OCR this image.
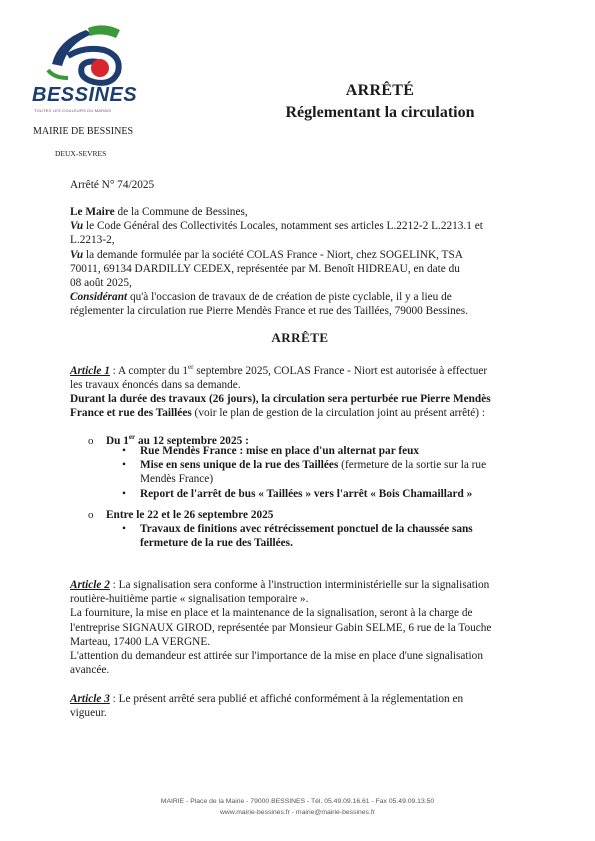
BESSINES
TOUTES LES COULEURS DU MARAIS
MAIRIE DE BESSINES
DEUX-SEVRES
ARRÊTÉ
Réglementant la circulation
Arrêté N° 74/2025
Le Maire de la Commune de Bessines,
Vu le Code Général des Collectivités Locales, notamment ses articles L.2212-2 L.2213.1 et
L.2213-2,
Vu la demande formulée par la société COLAS France - Niort, chez SOGELINK, TSA
70011, 69134 DARDILLY CEDEX, représentée par M. Benoît HIDREAU, en date du
08 août 2025,
Considérant qu'à l'occasion de travaux de de création de piste cyclable, il y a lieu de
réglementer la circulation rue Pierre Mendès France et rue des Taillées, 79000 Bessines.
ARRÊTE
Article 1 : A compter du 1er septembre 2025, COLAS France - Niort est autorisée à effectuer
les travaux énoncés dans sa demande.
Durant la durée des travaux (26 jours), la circulation sera perturbée rue Pierre Mendès
France et rue des Taillées (voir le plan de gestion de la circulation joint au présent arrêté) :
o Du 1er au 12 septembre 2025 :
•	Rue Mendès France : mise en place d'un alternat par feux
•	Mise en sens unique de la rue des Taillées (fermeture de la sortie sur la rue
Mendès France)
•	Report de l'arrêt de bus « Taillées » vers l'arrêt « Bois Chamaillard »
o Entre le 22 et le 26 septembre 2025
•	Travaux de finitions avec rétrécissement ponctuel de la chaussée sans
fermeture de la rue des Taillées.
Article 2 : La signalisation sera conforme à l'instruction interministérielle sur la signalisation
routière-huitième partie « signalisation temporaire ».
La fourniture, la mise en place et la maintenance de la signalisation, seront à la charge de
l'entreprise SIGNAUX GIROD, représentée par Monsieur Gabin SELME, 6 rue de la Touche
Marteau, 17400 LA VERGNE.
L'attention du demandeur est attirée sur l'importance de la mise en place d'une signalisation
avancée.
Article 3 : Le présent arrêté sera publié et affiché conformément à la réglementation en
vigueur.
MAIRIE - Place de la Mairie - 79000 BESSINES - Tél. 05.49.09.16.61 - Fax 05.49.09.13.50
www.mairie-bessines.fr - mairie@mairie-bessines.fr
